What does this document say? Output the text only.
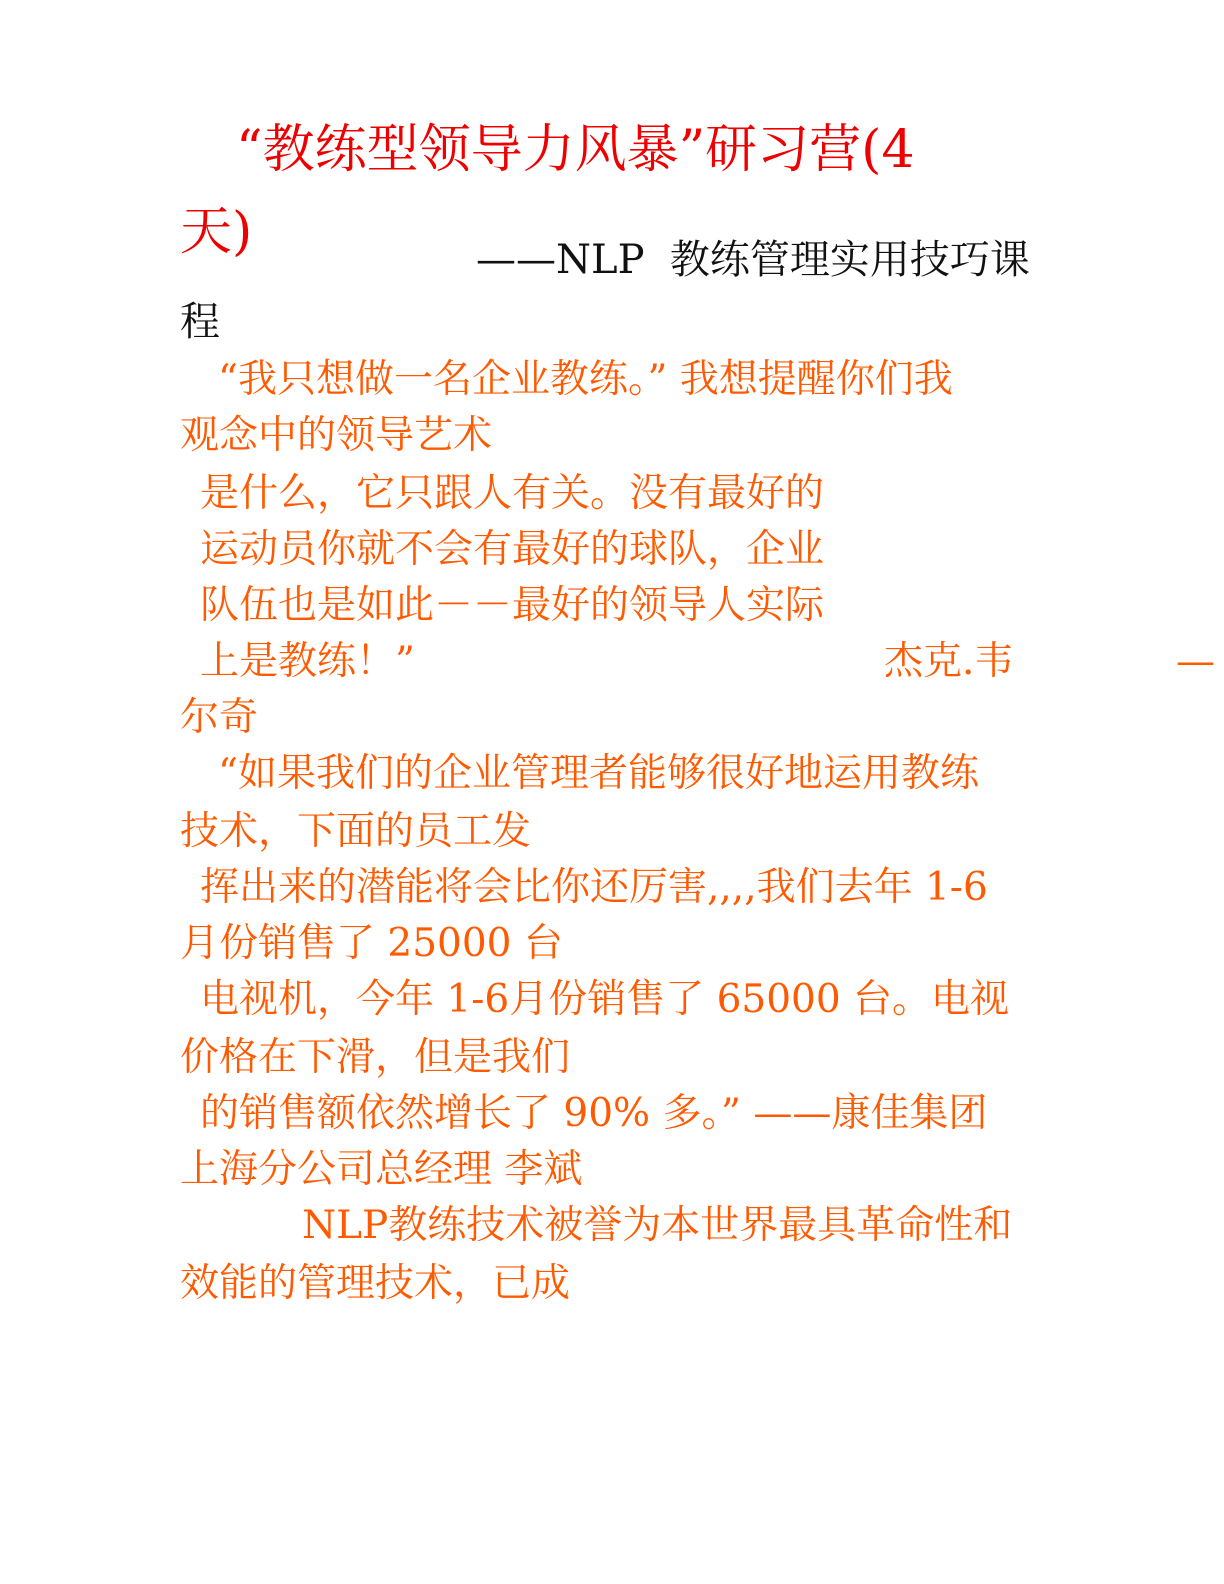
“教练型领导力风暴”研习营(4

天)	——NLP  教练管理实用技巧课

程

“我只想做一名企业教练。” 我想提醒你们我

观念中的领导艺术

是什么，它只跟人有关。没有最好的

运动员你就不会有最好的球队，企业

队伍也是如此－－最好的领导人实际

上是教练！”	杰克.韦	—

尔奇

“如果我们的企业管理者能够很好地运用教练

技术，下面的员工发

挥出来的潜能将会比你还厉害,,,,我们去年 1-6

月份销售了 25000 台

电视机，今年 1-6月份销售了 65000 台。电视

价格在下滑，但是我们

的销售额依然增长了 90% 多。” ——康佳集团

上海分公司总经理 李斌

NLP教练技术被誉为本世界最具革命性和

效能的管理技术，已成
